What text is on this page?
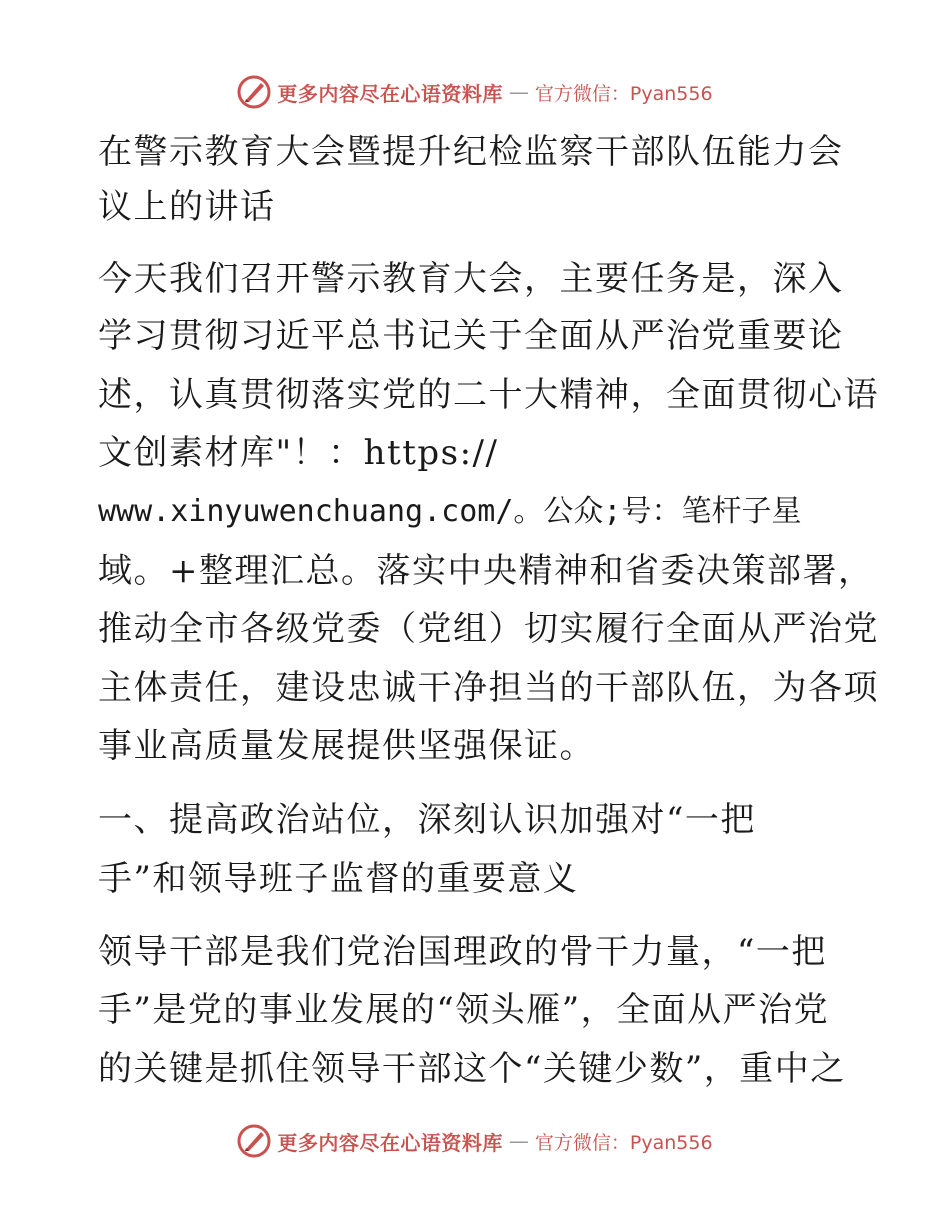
更多内容尽在心语资料库 — 官方微信：Pyan556
在警示教育大会暨提升纪检监察干部队伍能力会
议上的讲话
今天我们召开警示教育大会，主要任务是，深入
学习贯彻习近平总书记关于全面从严治党重要论
述，认真贯彻落实党的二十大精神，全面贯彻心语
文创素材库"！：https://
www.xinyuwenchuang.com/。公众;号：笔杆子星
域。+整理汇总。落实中央精神和省委决策部署，
推动全市各级党委（党组）切实履行全面从严治党
主体责任，建设忠诚干净担当的干部队伍，为各项
事业高质量发展提供坚强保证。
一、提高政治站位，深刻认识加强对“一把
手”和领导班子监督的重要意义
领导干部是我们党治国理政的骨干力量，“一把
手”是党的事业发展的“领头雁”，全面从严治党
的关键是抓住领导干部这个“关键少数”，重中之
更多内容尽在心语资料库 — 官方微信：Pyan556
